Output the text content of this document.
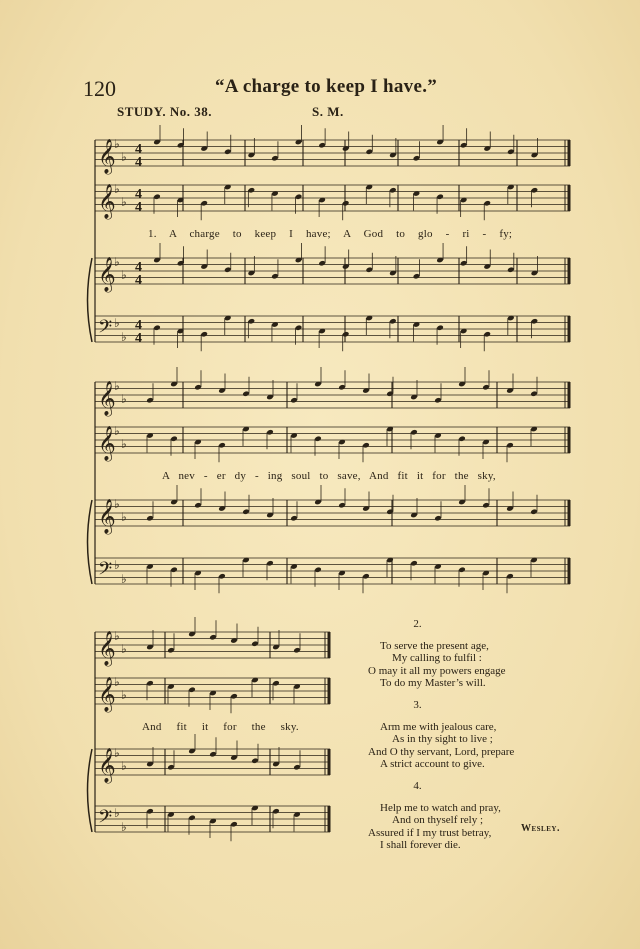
120	“A charge to keep I have.”
STUDY. No. 38.	S. M.
𝄞
♭
♭ 4
4
𝄞
♭
♭ 4
4
𝄞
♭
♭ 4
4
𝄢 ♭
♭
4
4
𝄞
♭
♭
𝄞
♭
♭
𝄞
♭
♭
𝄢 ♭
♭
𝄞
♭
♭
𝄞
♭
♭
𝄞
♭
♭
𝄢 ♭
♭
1. A charge to keep I have; A God to glo - ri - fy;
A nev - er dy - ing soul to save, And fit it for the sky,
And fit it for the sky.
2.
To serve the present age,
My calling to fulfil :
O may it all my powers engage
To do my Master’s will.
3.
Arm me with jealous care,
As in thy sight to live ;
And O thy servant, Lord, prepare
A strict account to give.
4.
Help me to watch and pray,
And on thyself rely ;
Assured if I my trust betray,
I shall forever die.
Wesley.
